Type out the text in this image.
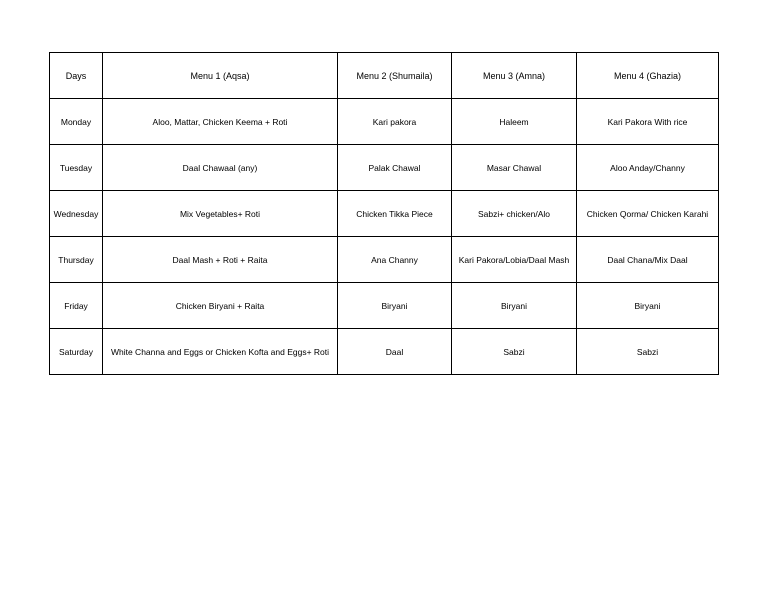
Days	Menu 1 (Aqsa)	Menu 2 (Shumaila)	Menu 3 (Amna)	Menu 4 (Ghazia)
Monday	Aloo, Mattar, Chicken Keema + Roti	Kari pakora	Haleem	Kari Pakora With rice
Tuesday	Daal Chawaal (any)	Palak Chawal	Masar Chawal	Aloo Anday/Channy
Wednesday	Mix Vegetables+ Roti	Chicken Tikka Piece	Sabzi+ chicken/Alo	Chicken Qorma/ Chicken Karahi
Thursday	Daal Mash + Roti + Raita	Ana Channy	Kari Pakora/Lobia/Daal Mash	Daal Chana/Mix Daal
Friday	Chicken Biryani + Raita	Biryani	Biryani	Biryani
Saturday	White Channa and Eggs or Chicken Kofta and Eggs+ Roti	Daal	Sabzi	Sabzi
